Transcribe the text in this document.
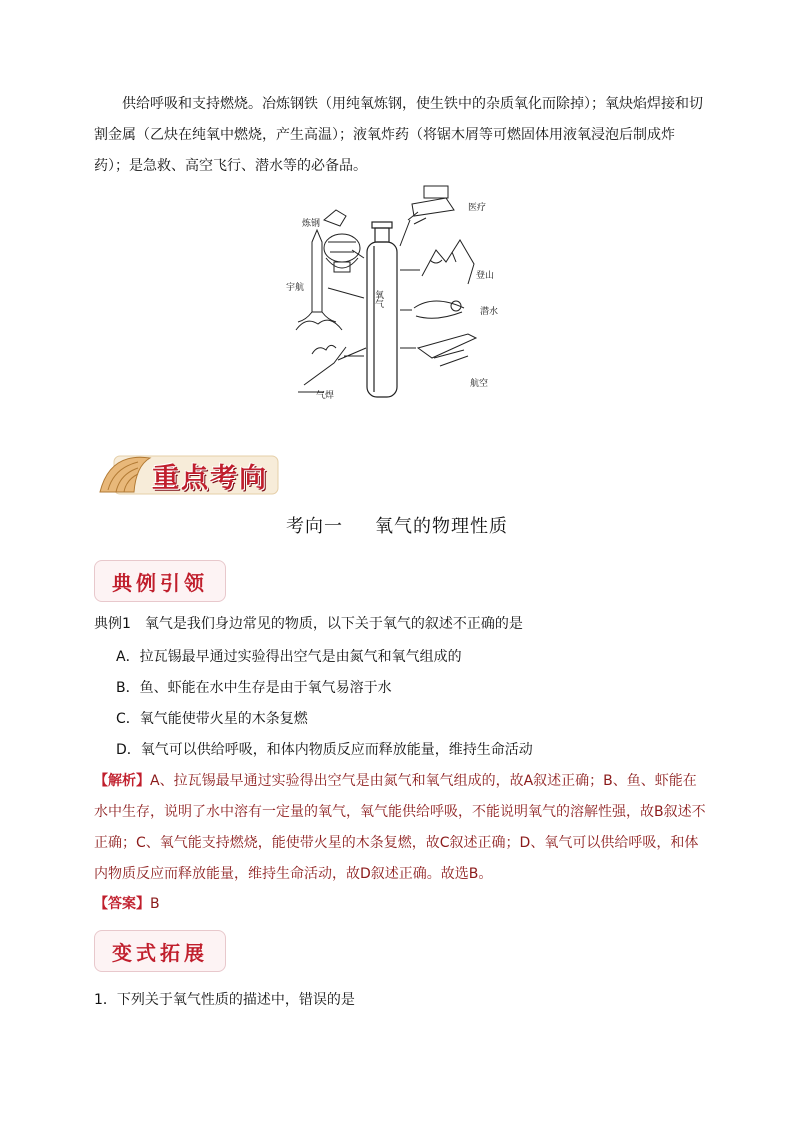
供给呼吸和支持燃烧。冶炼钢铁（用纯氧炼钢，使生铁中的杂质氧化而除掉）；氧炔焰焊接和切割金属（乙炔在纯氧中燃烧，产生高温）；液氧炸药（将锯木屑等可燃固体用液氧浸泡后制成炸药）；是急救、高空飞行、潜水等的必备品。
氧气
炼钢
宇航
气焊
医疗
登山
潜水
航空
重点考向
考向一 氧气的物理性质
典例引领
典例1　氧气是我们身边常见的物质，以下关于氧气的叙述不正确的是
A．拉瓦锡最早通过实验得出空气是由氮气和氧气组成的
B．鱼、虾能在水中生存是由于氧气易溶于水
C．氧气能使带火星的木条复燃
D．氧气可以供给呼吸，和体内物质反应而释放能量，维持生命活动
【解析】A、拉瓦锡最早通过实验得出空气是由氮气和氧气组成的，故A叙述正确；B、鱼、虾能在水中生存，说明了水中溶有一定量的氧气，氧气能供给呼吸，不能说明氧气的溶解性强，故B叙述不正确；C、氧气能支持燃烧，能使带火星的木条复燃，故C叙述正确；D、氧气可以供给呼吸，和体内物质反应而释放能量，维持生命活动，故D叙述正确。故选B。
【答案】B
变式拓展
1．下列关于氧气性质的描述中，错误的是
